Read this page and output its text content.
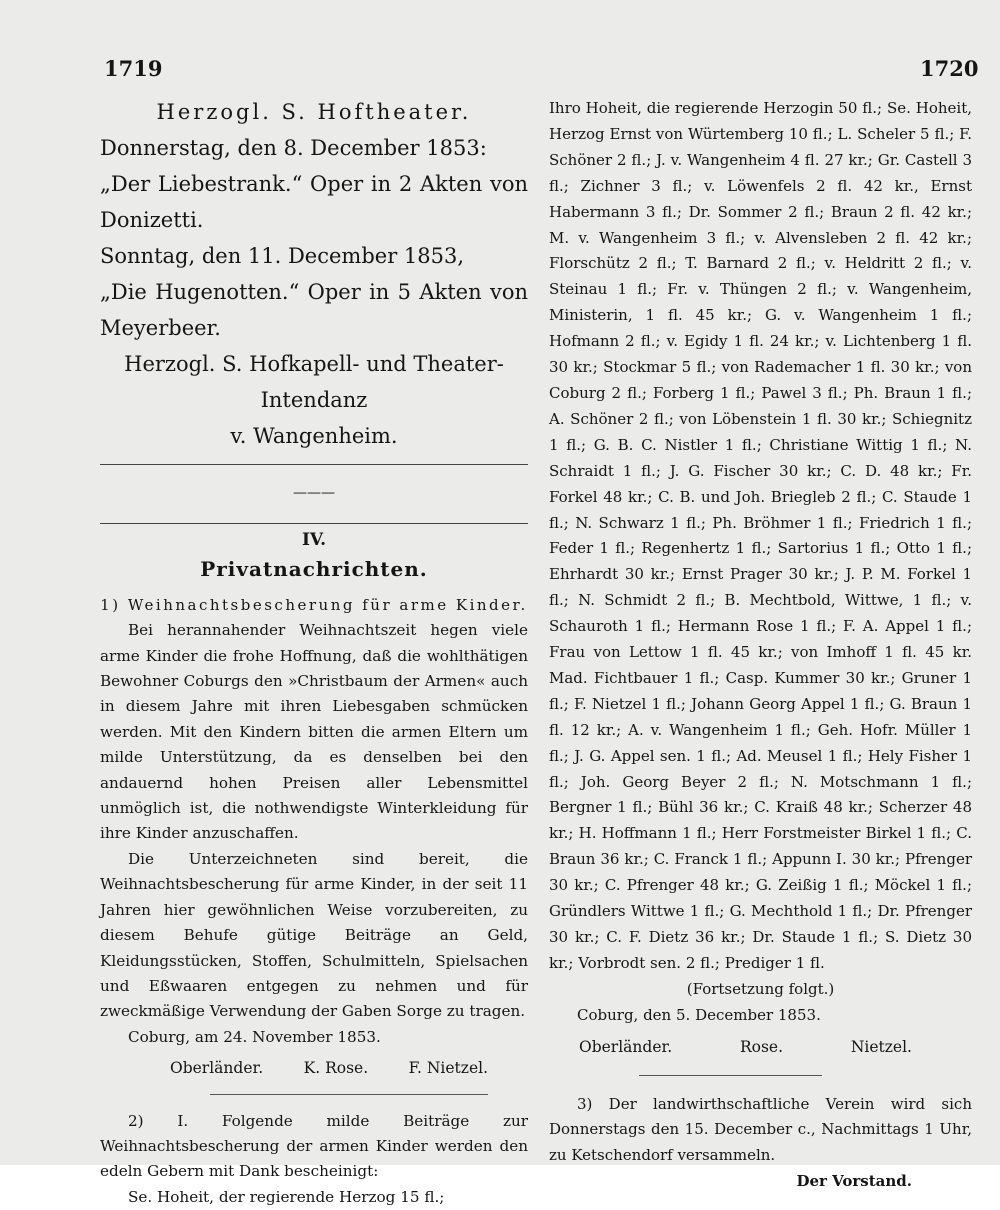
1719	1720

Herzogl. S. Hoftheater.

Donnerstag, den 8. December 1853:

„Der Liebestrank.“ Oper in 2 Akten von Donizetti.

Sonntag, den 11. December 1853,

„Die Hugenotten.“ Oper in 5 Akten von Meyerbeer.

Herzogl. S. Hofkapell- und Theater-Intendanz

v. Wangenheim.

———

IV.

Privatnachrichten.

1) Weihnachtsbescherung für arme Kinder.

Bei herannahender Weihnachtszeit hegen viele arme Kinder die frohe Hoffnung, daß die wohlthätigen Bewohner Coburgs den »Christbaum der Armen« auch in diesem Jahre mit ihren Liebesgaben schmücken werden. Mit den Kindern bitten die armen Eltern um milde Unterstützung, da es denselben bei den andauernd hohen Preisen aller Lebensmittel unmöglich ist, die nothwendigste Winterkleidung für ihre Kinder anzuschaffen.

Die Unterzeichneten sind bereit, die Weihnachtsbescherung für arme Kinder, in der seit 11 Jahren hier gewöhnlichen Weise vorzubereiten, zu diesem Behufe gütige Beiträge an Geld, Kleidungsstücken, Stoffen, Schulmitteln, Spielsachen und Eßwaaren entgegen zu nehmen und für zweckmäßige Verwendung der Gaben Sorge zu tragen.

Coburg, am 24. November 1853.

Oberländer.	K. Rose.	F. Nietzel.

2) I. Folgende milde Beiträge zur Weihnachtsbescherung der armen Kinder werden den edeln Gebern mit Dank bescheinigt:

Se. Hoheit, der regierende Herzog 15 fl.;

Ihro Hoheit, die regierende Herzogin 50 fl.; Se. Hoheit, Herzog Ernst von Würtemberg 10 fl.; L. Scheler 5 fl.; F. Schöner 2 fl.; J. v. Wangenheim 4 fl. 27 kr.; Gr. Castell 3 fl.; Zichner 3 fl.; v. Löwenfels 2 fl. 42 kr., Ernst Habermann 3 fl.; Dr. Sommer 2 fl.; Braun 2 fl. 42 kr.; M. v. Wangenheim 3 fl.; v. Alvensleben 2 fl. 42 kr.; Florschütz 2 fl.; T. Barnard 2 fl.; v. Heldritt 2 fl.; v. Steinau 1 fl.; Fr. v. Thüngen 2 fl.; v. Wangenheim, Ministerin, 1 fl. 45 kr.; G. v. Wangenheim 1 fl.; Hofmann 2 fl.; v. Egidy 1 fl. 24 kr.; v. Lichtenberg 1 fl. 30 kr.; Stockmar 5 fl.; von Rademacher 1 fl. 30 kr.; von Coburg 2 fl.; Forberg 1 fl.; Pawel 3 fl.; Ph. Braun 1 fl.; A. Schöner 2 fl.; von Löbenstein 1 fl. 30 kr.; Schiegnitz 1 fl.; G. B. C. Nistler 1 fl.; Christiane Wittig 1 fl.; N. Schraidt 1 fl.; J. G. Fischer 30 kr.; C. D. 48 kr.; Fr. Forkel 48 kr.; C. B. und Joh. Briegleb 2 fl.; C. Staude 1 fl.; N. Schwarz 1 fl.; Ph. Bröhmer 1 fl.; Friedrich 1 fl.; Feder 1 fl.; Regenhertz 1 fl.; Sartorius 1 fl.; Otto 1 fl.; Ehrhardt 30 kr.; Ernst Prager 30 kr.; J. P. M. Forkel 1 fl.; N. Schmidt 2 fl.; B. Mechtbold, Wittwe, 1 fl.; v. Schauroth 1 fl.; Hermann Rose 1 fl.; F. A. Appel 1 fl.; Frau von Lettow 1 fl. 45 kr.; von Imhoff 1 fl. 45 kr. Mad. Fichtbauer 1 fl.; Casp. Kummer 30 kr.; Gruner 1 fl.; F. Nietzel 1 fl.; Johann Georg Appel 1 fl.; G. Braun 1 fl. 12 kr.; A. v. Wangenheim 1 fl.; Geh. Hofr. Müller 1 fl.; J. G. Appel sen. 1 fl.; Ad. Meusel 1 fl.; Hely Fisher 1 fl.; Joh. Georg Beyer 2 fl.; N. Motschmann 1 fl.; Bergner 1 fl.; Bühl 36 kr.; C. Kraiß 48 kr.; Scherzer 48 kr.; H. Hoffmann 1 fl.; Herr Forstmeister Birkel 1 fl.; C. Braun 36 kr.; C. Franck 1 fl.; Appunn I. 30 kr.; Pfrenger 30 kr.; C. Pfrenger 48 kr.; G. Zeißig 1 fl.; Möckel 1 fl.; Gründlers Wittwe 1 fl.; G. Mechthold 1 fl.; Dr. Pfrenger 30 kr.; C. F. Dietz 36 kr.; Dr. Staude 1 fl.; S. Dietz 30 kr.; Vorbrodt sen. 2 fl.; Prediger 1 fl.

(Fortsetzung folgt.)

Coburg, den 5. December 1853.

Oberländer.	Rose.	Nietzel.

3) Der landwirthschaftliche Verein wird sich Donnerstags den 15. December c., Nachmittags 1 Uhr, zu Ketschendorf versammeln.

Der Vorstand.
